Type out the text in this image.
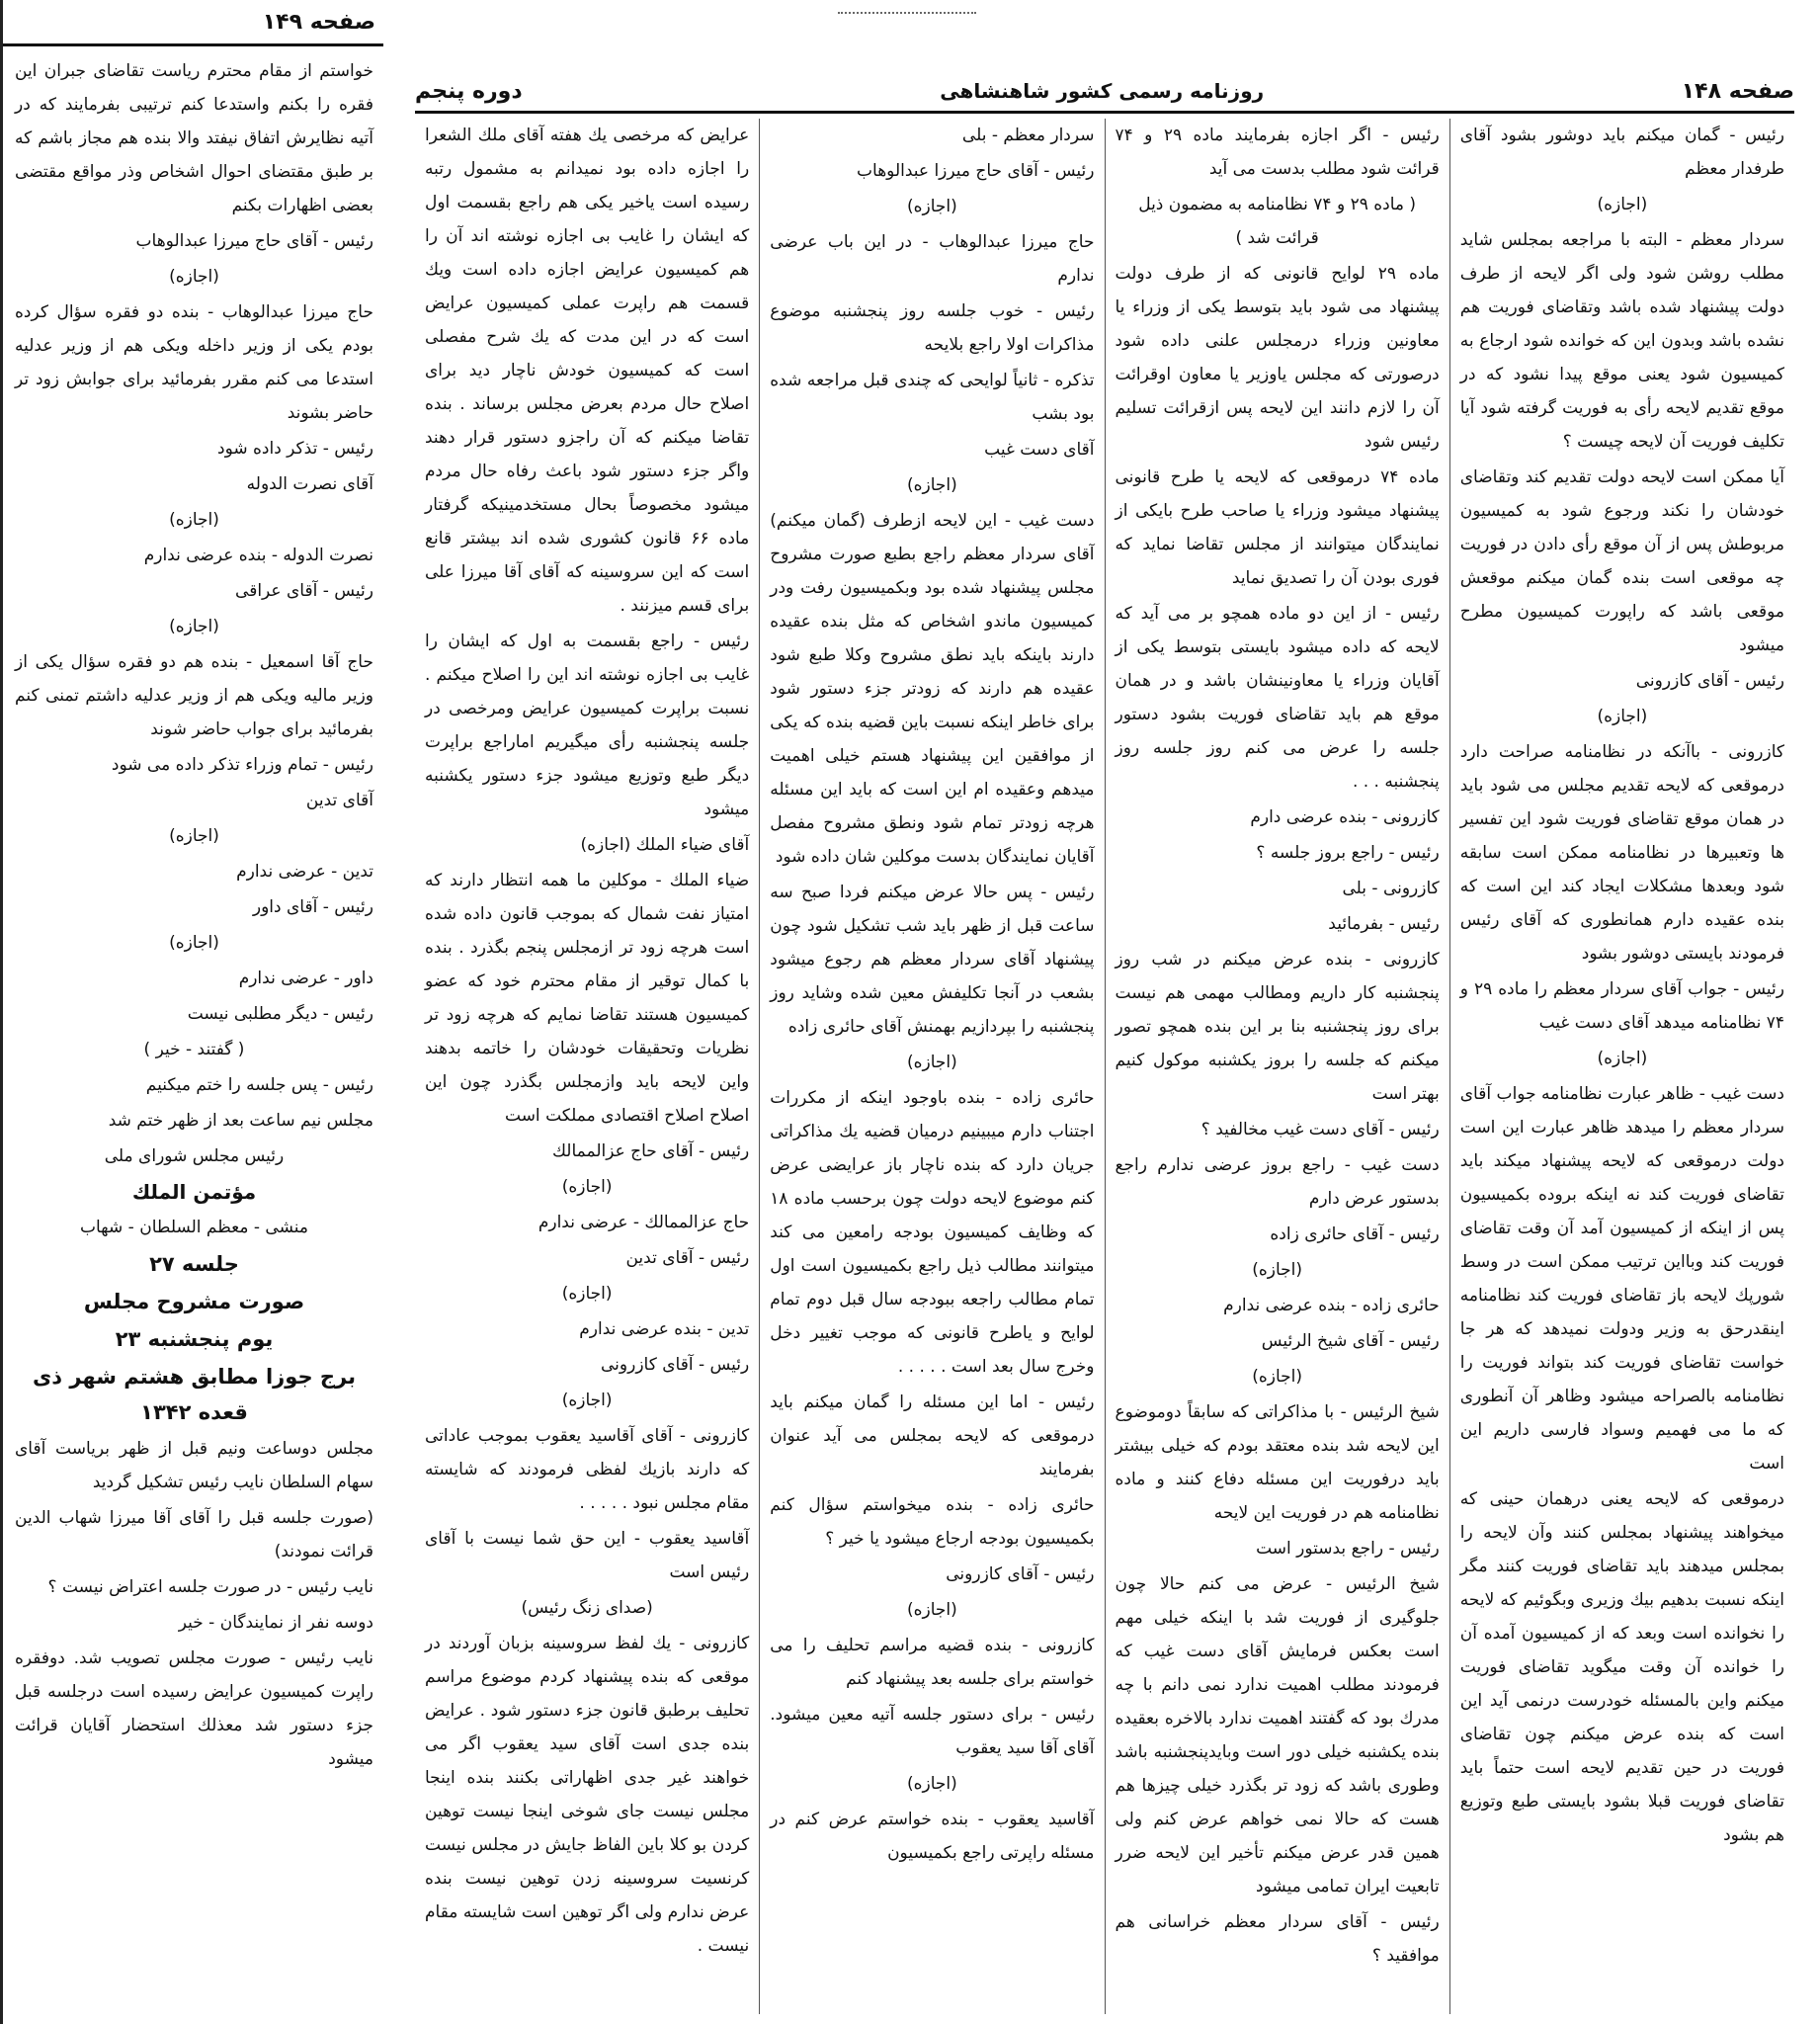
صفحه ۱۴۹

خواستم از مقام محترم ریاست تقاضای جبران این فقره را بکنم واستدعا کنم ترتیبی بفرمایند که در آتیه نظایرش اتفاق نیفتد والا بنده هم مجاز باشم که بر طبق مقتضای احوال اشخاص وذر مواقع مقتضی بعضی اظهارات بکنم

رئیس - آقای حاج میرزا عبدالوهاب

(اجازه)

حاج میرزا عبدالوهاب - بنده دو فقره سؤال کرده بودم یکی از وزیر داخله ویکی هم از وزیر عدلیه استدعا می کنم مقرر بفرمائید برای جوابش زود تر حاضر بشوند

رئیس - تذکر داده شود

آقای نصرت الدوله

(اجازه)

نصرت الدوله - بنده عرضی ندارم

رئیس - آقای عراقی

(اجازه)

حاج آقا اسمعیل - بنده هم دو فقره سؤال یکی از وزیر مالیه ویکی هم از وزیر عدلیه داشتم تمنی کنم بفرمائید برای جواب حاضر شوند

رئیس - تمام وزراء تذکر داده می شود

آقای تدین

(اجازه)

تدین - عرضی ندارم

رئیس - آقای داور

(اجازه)

داور - عرضی ندارم

رئیس - دیگر مطلبی نیست

( گفتند - خیر )

رئیس - پس جلسه را ختم میکنیم

مجلس نیم ساعت بعد از ظهر ختم شد

رئیس مجلس شورای ملی

مؤتمن الملك

منشی - معظم السلطان - شهاب

جلسه ۲۷

صورت مشروح مجلس

یوم پنجشنبه ۲۳

برج جوزا مطابق هشتم شهر ذی قعده ۱۳۴۲

مجلس دوساعت ونیم قبل از ظهر بریاست آقای سهام السلطان نایب رئیس تشکیل گردید

(صورت جلسه قبل را آقای آقا میرزا شهاب الدین قرائت نمودند)

نایب رئیس - در صورت جلسه اعتراض نیست ؟

دوسه نفر از نمایندگان - خیر

نایب رئیس - صورت مجلس تصویب شد. دوفقره راپرت کمیسیون عرایض رسیده است درجلسه قبل جزء دستور شد معذلك استحضار آقایان قرائت میشود

صفحه ۱۴۸
روزنامه رسمی کشور شاهنشاهی
دوره پنجم

رئیس - گمان میکنم باید دوشور بشود آقای طرفدار معظم

(اجازه)

سردار معظم - البته با مراجعه بمجلس شاید مطلب روشن شود ولی اگر لایحه از طرف دولت پیشنهاد شده باشد وتقاضای فوریت هم نشده باشد وبدون این که خوانده شود ارجاع به کمیسیون شود یعنی موقع پیدا نشود که در موقع تقدیم لایحه رأی به فوریت گرفته شود آیا تکلیف فوریت آن لایحه چیست ؟

آیا ممکن است لایحه دولت تقدیم کند وتقاضای خودشان را نکند ورجوع شود به کمیسیون مربوطش پس از آن موقع رأی دادن در فوریت چه موقعی است بنده گمان میکنم موقعش موقعی باشد که راپورت کمیسیون مطرح میشود

رئیس - آقای کازرونی

(اجازه)

کازرونی - باآنکه در نظامنامه صراحت دارد درموقعی که لایحه تقدیم مجلس می شود باید در همان موقع تقاضای فوریت شود این تفسیر ها وتعبیرها در نظامنامه ممکن است سابقه شود وبعدها مشکلات ایجاد کند این است که بنده عقیده دارم همانطوری که آقای رئیس فرمودند بایستی دوشور بشود

رئیس - جواب آقای سردار معظم را ماده ۲۹ و ۷۴ نظامنامه میدهد آقای دست غیب

(اجازه)

دست غیب - ظاهر عبارت نظامنامه جواب آقای سردار معظم را میدهد ظاهر عبارت این است دولت درموقعی که لایحه پیشنهاد میکند باید تقاضای فوریت کند نه اینکه بروده بکمیسیون پس از اینکه از کمیسیون آمد آن وقت تقاضای فوریت کند وبااین ترتیب ممکن است در وسط شورپك لایحه باز تقاضای فوریت کند نظامنامه اینقدرحق به وزیر ودولت نمیدهد که هر جا خواست تقاضای فوریت کند بتواند فوریت را نظامنامه بالصراحه میشود وظاهر آن آنطوری که ما می فهمیم وسواد فارسی داریم این است

درموقعی که لایحه یعنی درهمان حینی که میخواهند پیشنهاد بمجلس کنند وآن لایحه را بمجلس میدهند باید تقاضای فوریت کنند مگر اینکه نسبت بدهیم بیك وزیری وبگوئیم که لایحه را نخوانده است وبعد که از کمیسیون آمده آن را خوانده آن وقت میگوید تقاضای فوریت میکنم واین بالمسئله خودرست درنمی آید این است که بنده عرض میکنم چون تقاضای فوریت در حین تقدیم لایحه است حتماً باید تقاضای فوریت قبلا بشود بایستی طبع وتوزیع هم بشود

رئیس - اگر اجازه بفرمایند ماده ۲۹ و ۷۴ قرائت شود مطلب بدست می آید

( ماده ۲۹ و ۷۴ نظامنامه به مضمون ذیل قرائت شد )

ماده ۲۹ لوایح قانونی که از طرف دولت پیشنهاد می شود باید بتوسط یکی از وزراء یا معاونین وزراء درمجلس علنی داده شود درصورتی که مجلس یاوزیر یا معاون اوقرائت آن را لازم دانند این لایحه پس ازقرائت تسلیم رئیس شود

ماده ۷۴ درموقعی که لایحه یا طرح قانونی پیشنهاد میشود وزراء یا صاحب طرح بایکی از نمایندگان میتوانند از مجلس تقاضا نماید که فوری بودن آن را تصدیق نماید

رئیس - از این دو ماده همچو بر می آید که لایحه که داده میشود بایستی بتوسط یکی از آقایان وزراء یا معاونینشان باشد و در همان موقع هم باید تقاضای فوریت بشود دستور جلسه را عرض می کنم روز جلسه روز پنجشنبه . . .

کازرونی - بنده عرضی دارم

رئیس - راجع بروز جلسه ؟

کازرونی - بلی

رئیس - بفرمائید

کازرونی - بنده عرض میکنم در شب روز پنجشنبه کار داریم ومطالب مهمی هم نیست برای روز پنجشنبه بنا بر این بنده همچو تصور میکنم که جلسه را بروز یکشنبه موکول کنیم بهتر است

رئیس - آقای دست غیب مخالفید ؟

دست غیب - راجع بروز عرضی ندارم راجع بدستور عرض دارم

رئیس - آقای حائری زاده

(اجازه)

حائری زاده - بنده عرضی ندارم

رئیس - آقای شیخ الرئیس

(اجازه)

شیخ الرئیس - با مذاکراتی که سابقاً دوموضوع این لایحه شد بنده معتقد بودم که خیلی بیشتر باید درفوریت این مسئله دفاع کنند و ماده نظامنامه هم در فوریت این لایحه

رئیس - راجع بدستور است

شیخ الرئیس - عرض می کنم حالا چون جلوگیری از فوریت شد با اینکه خیلی مهم است بعکس فرمایش آقای دست غیب که فرمودند مطلب اهمیت ندارد نمی دانم با چه مدرك بود که گفتند اهمیت ندارد بالاخره بعقیده بنده یکشنبه خیلی دور است وبایدپنجشنبه باشد وطوری باشد که زود تر بگذرد خیلی چیزها هم هست که حالا نمی خواهم عرض کنم ولی همین قدر عرض میکنم تأخیر این لایحه ضرر تابعیت ایران تمامی میشود

رئیس - آقای سردار معظم خراسانی هم موافقید ؟

سردار معظم - بلی

رئیس - آقای حاج میرزا عبدالوهاب

(اجازه)

حاج میرزا عبدالوهاب - در این باب عرضی ندارم

رئیس - خوب جلسه روز پنجشنبه موضوع مذاکرات اولا راجع بلایحه

تذکره - ثانیاً لوایحی که چندی قبل مراجعه شده بود بشب

آقای دست غیب

(اجازه)

دست غیب - این لایحه ازطرف (گمان میکنم) آقای سردار معظم راجع بطبع صورت مشروح مجلس پیشنهاد شده بود وبکمیسیون رفت ودر کمیسیون ماندو اشخاص که مثل بنده عقیده دارند باینکه باید نطق مشروح وکلا طبع شود عقیده هم دارند که زودتر جزء دستور شود برای خاطر اینکه نسبت باین قضیه بنده که یکی از موافقین این پیشنهاد هستم خیلی اهمیت میدهم وعقیده ام این است که باید این مسئله هرچه زودتر تمام شود ونطق مشروح مفصل آقایان نمایندگان بدست موکلین شان داده شود

رئیس - پس حالا عرض میکنم فردا صبح سه ساعت قبل از ظهر باید شب تشکیل شود چون پیشنهاد آقای سردار معظم هم رجوع میشود بشعب در آنجا تکلیفش معین شده وشاید روز پنجشنبه را بپردازیم بهمنش آقای حائری زاده

(اجازه)

حائری زاده - بنده باوجود اینکه از مکررات اجتناب دارم میبینیم درمیان قضیه یك مذاکراتی جریان دارد که بنده ناچار باز عرایضی عرض کنم موضوع لایحه دولت چون برحسب ماده ۱۸ که وظایف کمیسیون بودجه رامعین می کند میتوانند مطالب ذیل راجع بکمیسیون است اول تمام مطالب راجعه ببودجه سال قبل دوم تمام لوایح و یاطرح قانونی که موجب تغییر دخل وخرج سال بعد است . . . . .

رئیس - اما این مسئله را گمان میکنم باید درموقعی که لایحه بمجلس می آید عنوان بفرمایند

حائری زاده - بنده میخواستم سؤال کنم بکمیسیون بودجه ارجاع میشود یا خیر ؟

رئیس - آقای کازرونی

(اجازه)

کازرونی - بنده قضیه مراسم تحلیف را می خواستم برای جلسه بعد پیشنهاد کنم

رئیس - برای دستور جلسه آتیه معین میشود. آقای آقا سید یعقوب

(اجازه)

آقاسید یعقوب - بنده خواستم عرض کنم در مسئله راپرتی راجع بکمیسیون

عرایض که مرخصی یك هفته آقای ملك الشعرا را اجازه داده بود نمیدانم به مشمول رتبه رسیده است یاخیر یکی هم راجع بقسمت اول که ایشان را غایب بی اجازه نوشته اند آن را هم کمیسیون عرایض اجازه داده است ویك قسمت هم راپرت عملی کمیسیون عرایض است که در این مدت که یك شرح مفصلی است که کمیسیون خودش ناچار دید برای اصلاح حال مردم بعرض مجلس برساند . بنده تقاضا میکنم که آن راجزو دستور قرار دهند واگر جزء دستور شود باعث رفاه حال مردم میشود مخصوصاً بحال مستخدمینیکه گرفتار ماده ۶۶ قانون کشوری شده اند بیشتر قانع است که این سروسینه که آقای آقا میرزا علی برای قسم میزنند .

رئیس - راجع بقسمت به اول که ایشان را غایب بی اجازه نوشته اند این را اصلاح میکنم . نسبت براپرت کمیسیون عرایض ومرخصی در جلسه پنجشنبه رأی میگیریم اماراجع براپرت دیگر طبع وتوزیع میشود جزء دستور یکشنبه میشود

آقای ضیاء الملك (اجازه)

ضیاء الملك - موکلین ما همه انتظار دارند که امتیاز نفت شمال که بموجب قانون داده شده است هرچه زود تر ازمجلس پنجم بگذرد . بنده با کمال توقیر از مقام محترم خود که عضو کمیسیون هستند تقاضا نمایم که هرچه زود تر نظریات وتحقیقات خودشان را خاتمه بدهند واین لایحه باید وازمجلس بگذرد چون این اصلاح اصلاح اقتصادی مملکت است

رئیس - آقای حاج عزالممالك

(اجازه)

حاج عزالممالك - عرضی ندارم

رئیس - آقای تدین

(اجازه)

تدین - بنده عرضی ندارم

رئیس - آقای کازرونی

(اجازه)

کازرونی - آقای آقاسید یعقوب بموجب عاداتی که دارند بازیك لفظی فرمودند که شایسته مقام مجلس نبود . . . . .

آقاسید یعقوب - این حق شما نیست با آقای رئیس است

(صدای زنگ رئیس)

کازرونی - یك لفظ سروسینه بزبان آوردند در موقعی که بنده پیشنهاد کردم موضوع مراسم تحلیف برطبق قانون جزء دستور شود . عرایض بنده جدی است آقای سید یعقوب اگر می خواهند غیر جدی اظهاراتی بکنند بنده اینجا مجلس نیست جای شوخی اینجا نیست توهین کردن بو کلا باین الفاظ جایش در مجلس نیست کرنسیت سروسینه زدن توهین نیست بنده عرض ندارم ولی اگر توهین است شایسته مقام نیست .
